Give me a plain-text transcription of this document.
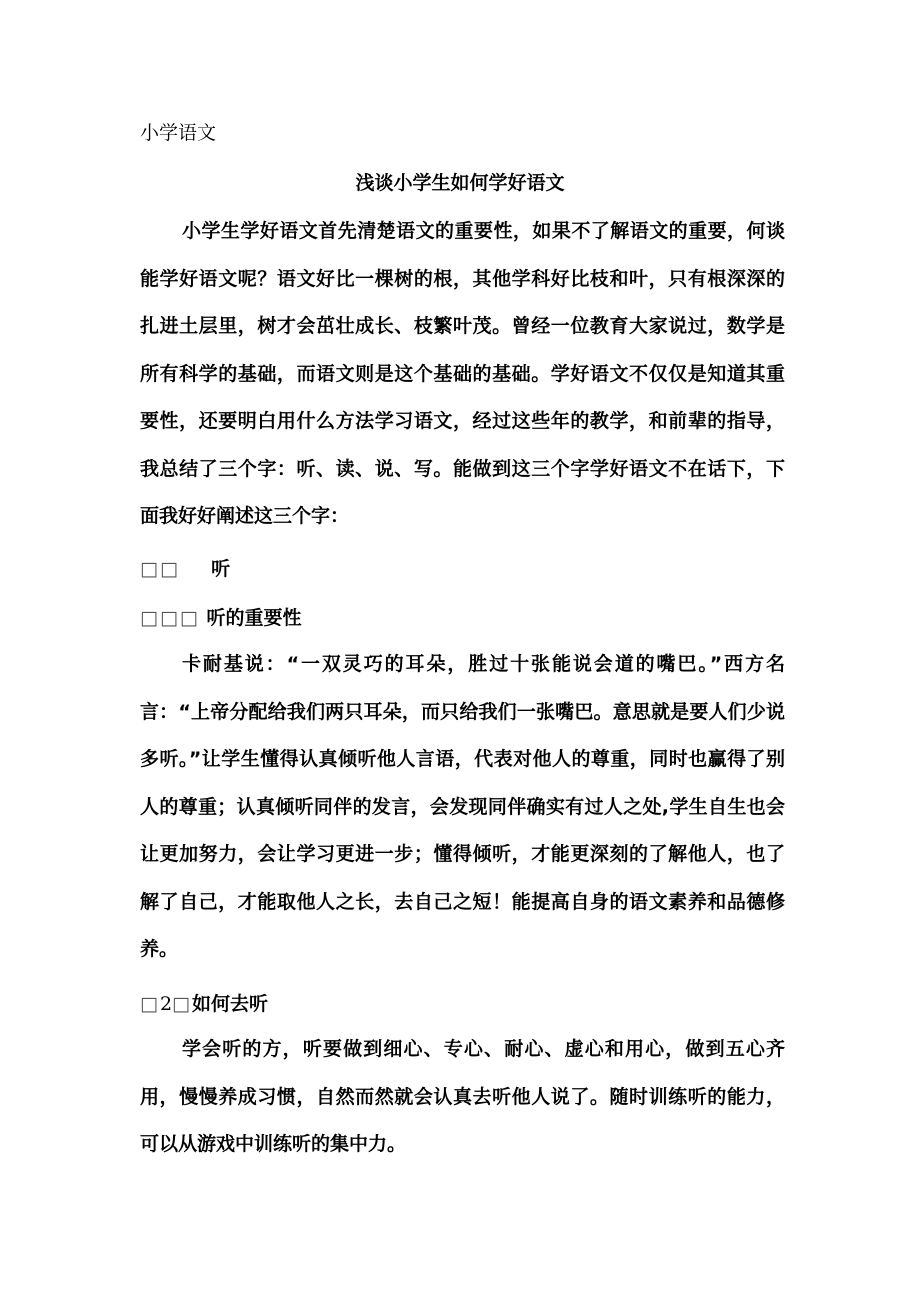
小学语文
浅谈小学生如何学好语文

小学生学好语文首先清楚语文的重要性，如果不了解语文的重要，何谈能学好语文呢？语文好比一棵树的根，其他学科好比枝和叶，只有根深深的扎进土层里，树才会茁壮成长、枝繁叶茂。曾经一位教育大家说过，数学是所有科学的基础，而语文则是这个基础的基础。学好语文不仅仅是知道其重要性，还要明白用什么方法学习语文，经过这些年的教学，和前辈的指导，我总结了三个字：听、读、说、写。能做到这三个字学好语文不在话下，下面我好好阐述这三个字：

□□ 听
□□□ 听的重要性

卡耐基说：“一双灵巧的耳朵，胜过十张能说会道的嘴巴。”西方名言：“上帝分配给我们两只耳朵，而只给我们一张嘴巴。意思就是要人们少说多听。”让学生懂得认真倾听他人言语，代表对他人的尊重，同时也赢得了别人的尊重；认真倾听同伴的发言，会发现同伴确实有过人之处,学生自生也会让更加努力，会让学习更进一步；懂得倾听，才能更深刻的了解他人，也了解了自己，才能取他人之长，去自己之短！能提高自身的语文素养和品德修养。

□2□如何去听

学会听的方，听要做到细心、专心、耐心、虚心和用心，做到五心齐用，慢慢养成习惯，自然而然就会认真去听他人说了。随时训练听的能力，可以从游戏中训练听的集中力。
